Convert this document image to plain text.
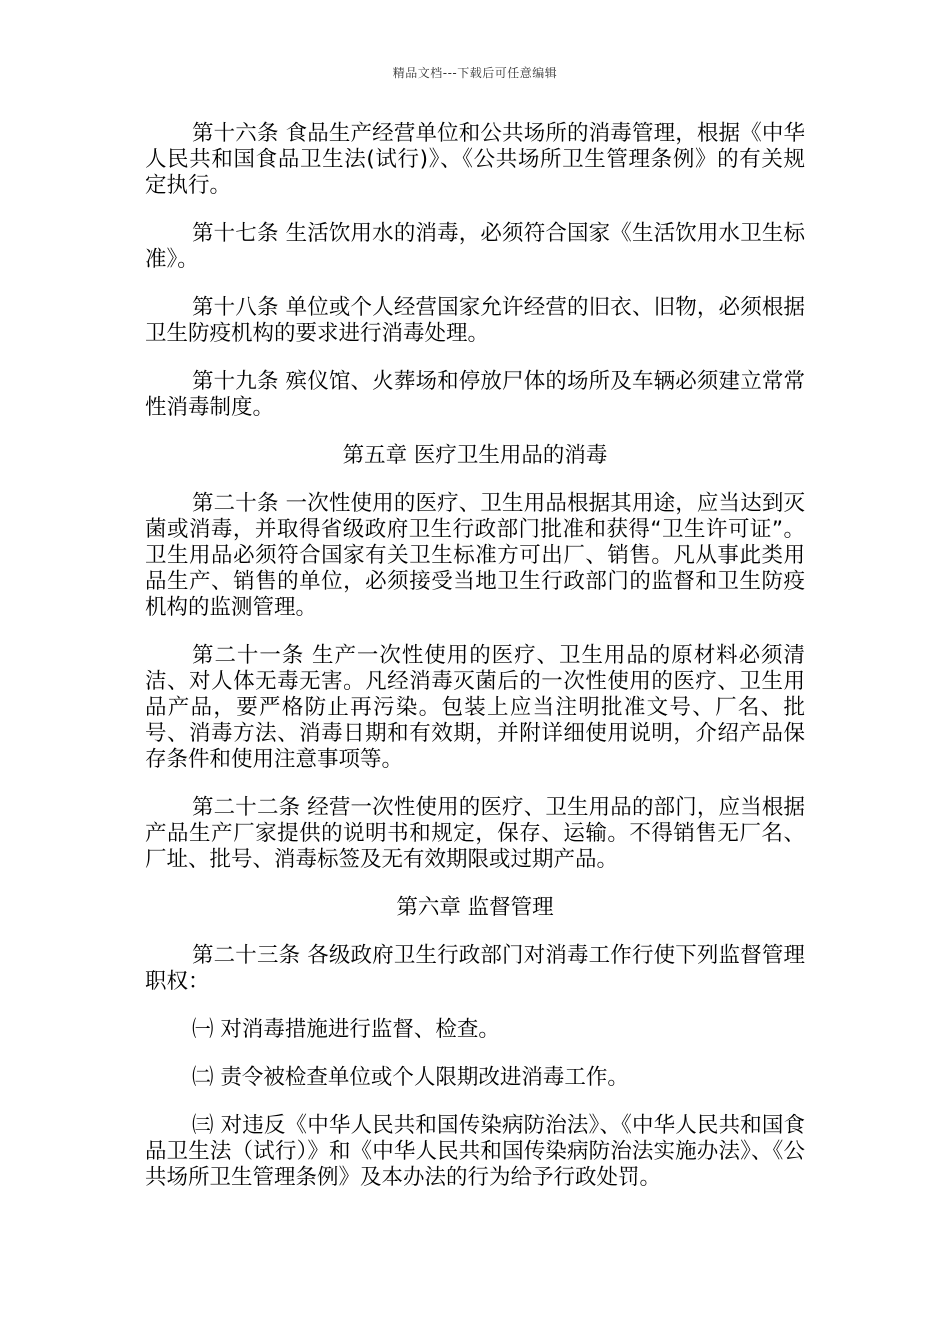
精品文档---下载后可任意编辑

第十六条 食品生产经营单位和公共场所的消毒管理，根据《中华人民共和国食品卫生法(试行)》、《公共场所卫生管理条例》的有关规定执行。

第十七条 生活饮用水的消毒，必须符合国家《生活饮用水卫生标准》。

第十八条 单位或个人经营国家允许经营的旧衣、旧物，必须根据卫生防疫机构的要求进行消毒处理。

第十九条 殡仪馆、火葬场和停放尸体的场所及车辆必须建立常常性消毒制度。

第五章 医疗卫生用品的消毒

第二十条 一次性使用的医疗、卫生用品根据其用途，应当达到灭菌或消毒，并取得省级政府卫生行政部门批准和获得“卫生许可证”。卫生用品必须符合国家有关卫生标准方可出厂、销售。凡从事此类用品生产、销售的单位，必须接受当地卫生行政部门的监督和卫生防疫机构的监测管理。

第二十一条 生产一次性使用的医疗、卫生用品的原材料必须清洁、对人体无毒无害。凡经消毒灭菌后的一次性使用的医疗、卫生用品产品，要严格防止再污染。包装上应当注明批准文号、厂名、批号、消毒方法、消毒日期和有效期，并附详细使用说明，介绍产品保存条件和使用注意事项等。

第二十二条 经营一次性使用的医疗、卫生用品的部门，应当根据产品生产厂家提供的说明书和规定，保存、运输。不得销售无厂名、厂址、批号、消毒标签及无有效期限或过期产品。

第六章 监督管理

第二十三条 各级政府卫生行政部门对消毒工作行使下列监督管理职权：

㈠ 对消毒措施进行监督、检查。

㈡ 责令被检查单位或个人限期改进消毒工作。

㈢ 对违反《中华人民共和国传染病防治法》、《中华人民共和国食品卫生法（试行）》和《中华人民共和国传染病防治法实施办法》、《公共场所卫生管理条例》及本办法的行为给予行政处罚。
